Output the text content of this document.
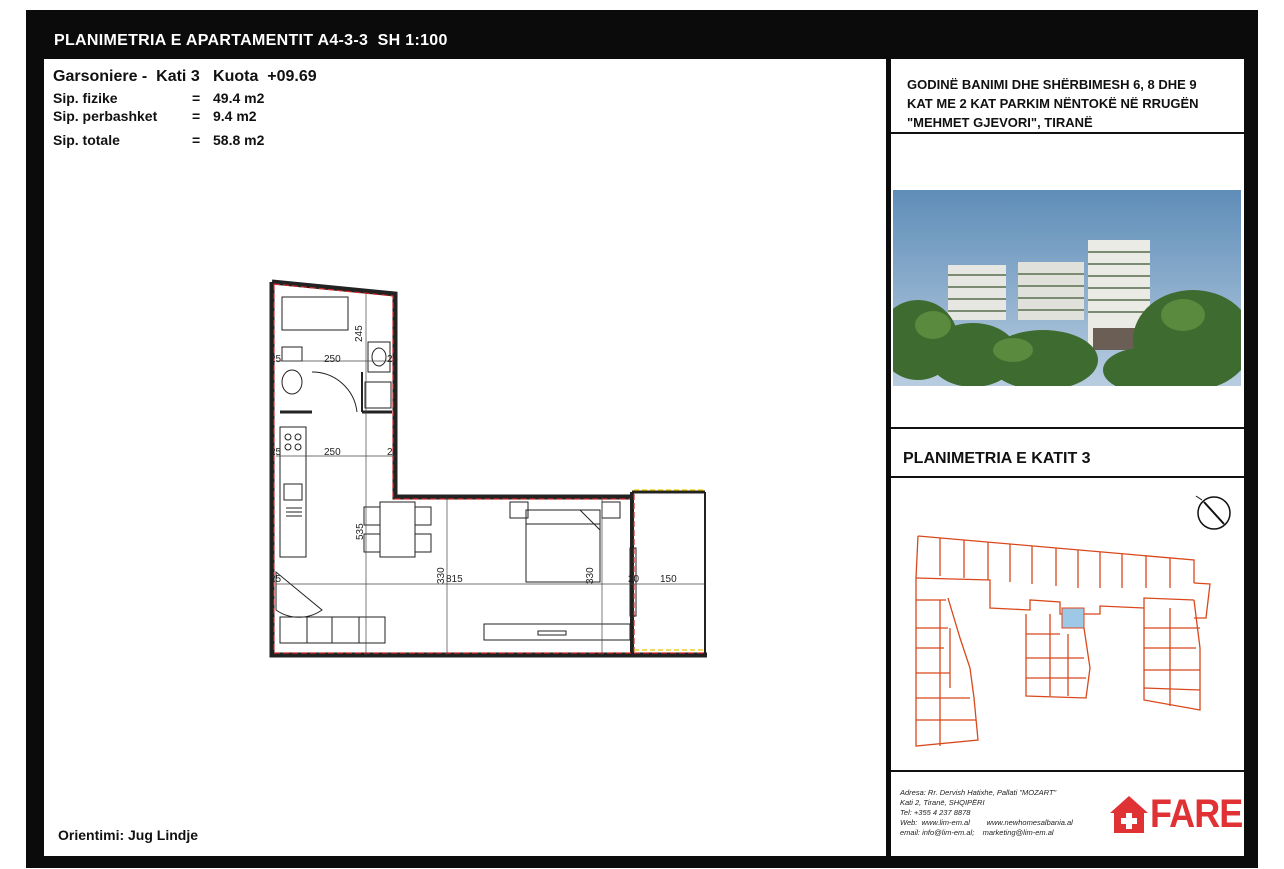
PLANIMETRIA E APARTAMENTIT A4-3-3  SH 1:100
Garsoniere -  Kati 3   Kuota  +09.69
Sip. fizike	= 49.4 m2
Sip. perbashket = 9.4 m2
Sip. totale	= 58.8 m2
250
245
250
535
330 815	330	150
25	25
25	25
25	20
Orientimi: Jug Lindje
GODINË BANIMI DHE SHËRBIMESH 6, 8 DHE 9
KAT ME 2 KAT PARKIM NËNTOKË NË RRUGËN
"MEHMET GJEVORI", TIRANË
PLANIMETRIA E KATIT 3
Adresa: Rr. Dervish Hatixhe, Pallati "MOZART"
Kati 2, Tiranë, SHQIPËRI
Tel: +355 4 237 8878
Web:  www.lim-em.al        www.newhomesalbania.al
email: info@lim-em.al;    marketing@lim-em.al	FARE
